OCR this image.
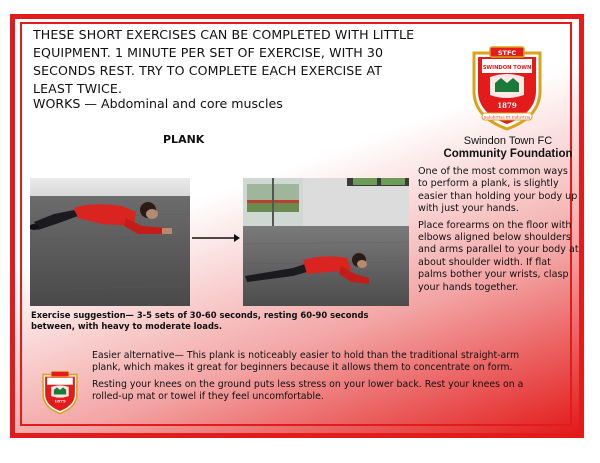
THESE SHORT EXERCISES CAN BE COMPLETED WITH LITTLE EQUIPMENT. 1 MINUTE PER SET OF EXERCISE, WITH 30 SECONDS REST. TRY TO COMPLETE EACH EXERCISE AT LEAST TWICE.
WORKS — Abdominal and core muscles
PLANK
STFC
SWINDON TOWN
1879
Salubritas Et Industria
Swindon Town FC
Community Foundation

One of the most common ways to perform a plank, is slightly easier than holding your body up with just your hands.

Place forearms on the floor with elbows aligned below shoulders and arms parallel to your body at about shoulder width. If flat palms bother your wrists, clasp your hands together.

Exercise suggestion— 3-5 sets of 30-60 seconds, resting 60-90 seconds between, with heavy to moderate loads.
1879

Easier alternative— This plank is noticeably easier to hold than the traditional straight-arm plank, which makes it great for beginners because it allows them to concentrate on form.

Resting your knees on the ground puts less stress on your lower back. Rest your knees on a rolled-up mat or towel if they feel uncomfortable.
